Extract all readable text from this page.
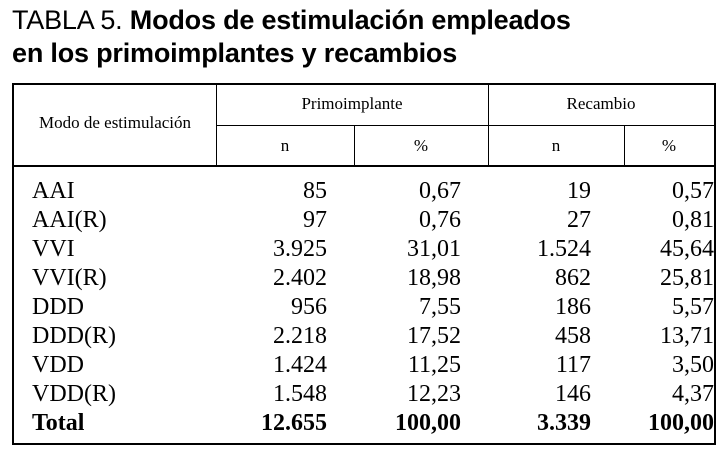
TABLA 5. Modos de estimulación empleados
en los primoimplantes y recambios
Modo de estimulación
Primoimplante	Recambio
n	%	n	%
AAI	85	0,67	19	0,57
AAI(R)	97	0,76	27	0,81
VVI	3.925	31,01	1.524	45,64
VVI(R)	2.402	18,98	862	25,81
DDD	956	7,55	186	5,57
DDD(R)	2.218	17,52	458	13,71
VDD	1.424	11,25	117	3,50
VDD(R)	1.548	12,23	146	4,37
Total	12.655	100,00	3.339 100,00
